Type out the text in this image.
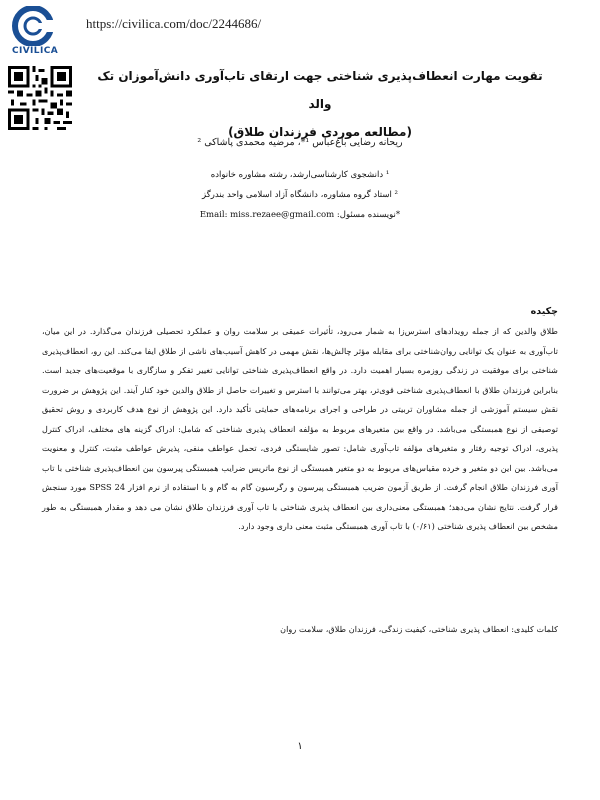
CIVILICA
https://civilica.com/doc/2244686/
تقویت مهارت انعطاف‌پذیری شناختی جهت ارتقای تاب‌آوری دانش‌آموزان تک والد
(مطالعه موردی فرزندان طلاق)
ریحانه رضایی باغ‌عباس ¹*، مرضیه محمدی پاشاکی ²
¹ دانشجوی کارشناسی‌ارشد، رشته مشاوره خانواده
² استاد گروه مشاوره، دانشگاه آزاد اسلامی واحد بندرگز
*نویسنده مسئول: Email: miss.rezaee@gmail.com
چکیده
طلاق والدین که از جمله رویدادهای استرس‌زا به شمار می‌رود، تأثیرات عمیقی بر سلامت روان و عملکرد تحصیلی فرزندان می‌گذارد. در این میان، تاب‌آوری به عنوان یک توانایی روان‌شناختی برای مقابله مؤثر چالش‌ها، نقش مهمی در کاهش آسیب‌های ناشی از طلاق ایفا می‌کند. این رو، انعطاف‌پذیری شناختی برای موفقیت در زندگی روزمره بسیار اهمیت دارد. در واقع انعطاف‌پذیری شناختی توانایی تغییر تفکر و سازگاری با موقعیت‌های جدید است. بنابراین فرزندان طلاق با انعطاف‌پذیری شناختی قوی‌تر، بهتر می‌توانند با استرس و تغییرات حاصل از طلاق والدین خود کنار آیند. این پژوهش بر ضرورت نقش سیستم آموزشی از جمله مشاوران تربیتی در طراحی و اجرای برنامه‌های حمایتی تأکید دارد. این پژوهش از نوع هدف کاربردی و روش تحقیق توصیفی از نوع همبستگی می‌باشد. در واقع بین متغیرهای مربوط به مؤلفه انعطاف پذیری شناختی که شامل: ادراک گزینه های مختلف، ادراک کنترل پذیری، ادراک توجیه رفتار و متغیرهای مؤلفه تاب‌آوری شامل: تصور شایستگی فردی، تحمل عواطف منفی، پذیرش عواطف مثبت، کنترل و معنویت می‌باشد. بین این دو متغیر و خرده مقیاس‌های مربوط به دو متغیر همبستگی از نوع ماتریس ضرایب همبستگی پیرسون بین انعطاف‌پذیری شناختی با تاب آوری فرزندان طلاق انجام گرفت. از طریق آزمون ضریب همبستگی پیرسون و رگرسیون گام به گام و با استفاده از نرم افزار SPSS 24 مورد سنجش قرار گرفت. نتایج نشان می‌دهد؛ همبستگی معنی‌داری بین انعطاف پذیری شناختی با تاب آوری فرزندان طلاق نشان می دهد و مقدار همبستگی به طور مشخص بین انعطاف پذیری شناختی (۰/۶۱) با تاب آوری همبستگی مثبت معنی داری وجود دارد.
کلمات کلیدی: انعطاف پذیری شناختی، کیفیت زندگی، فرزندان طلاق، سلامت روان
۱
